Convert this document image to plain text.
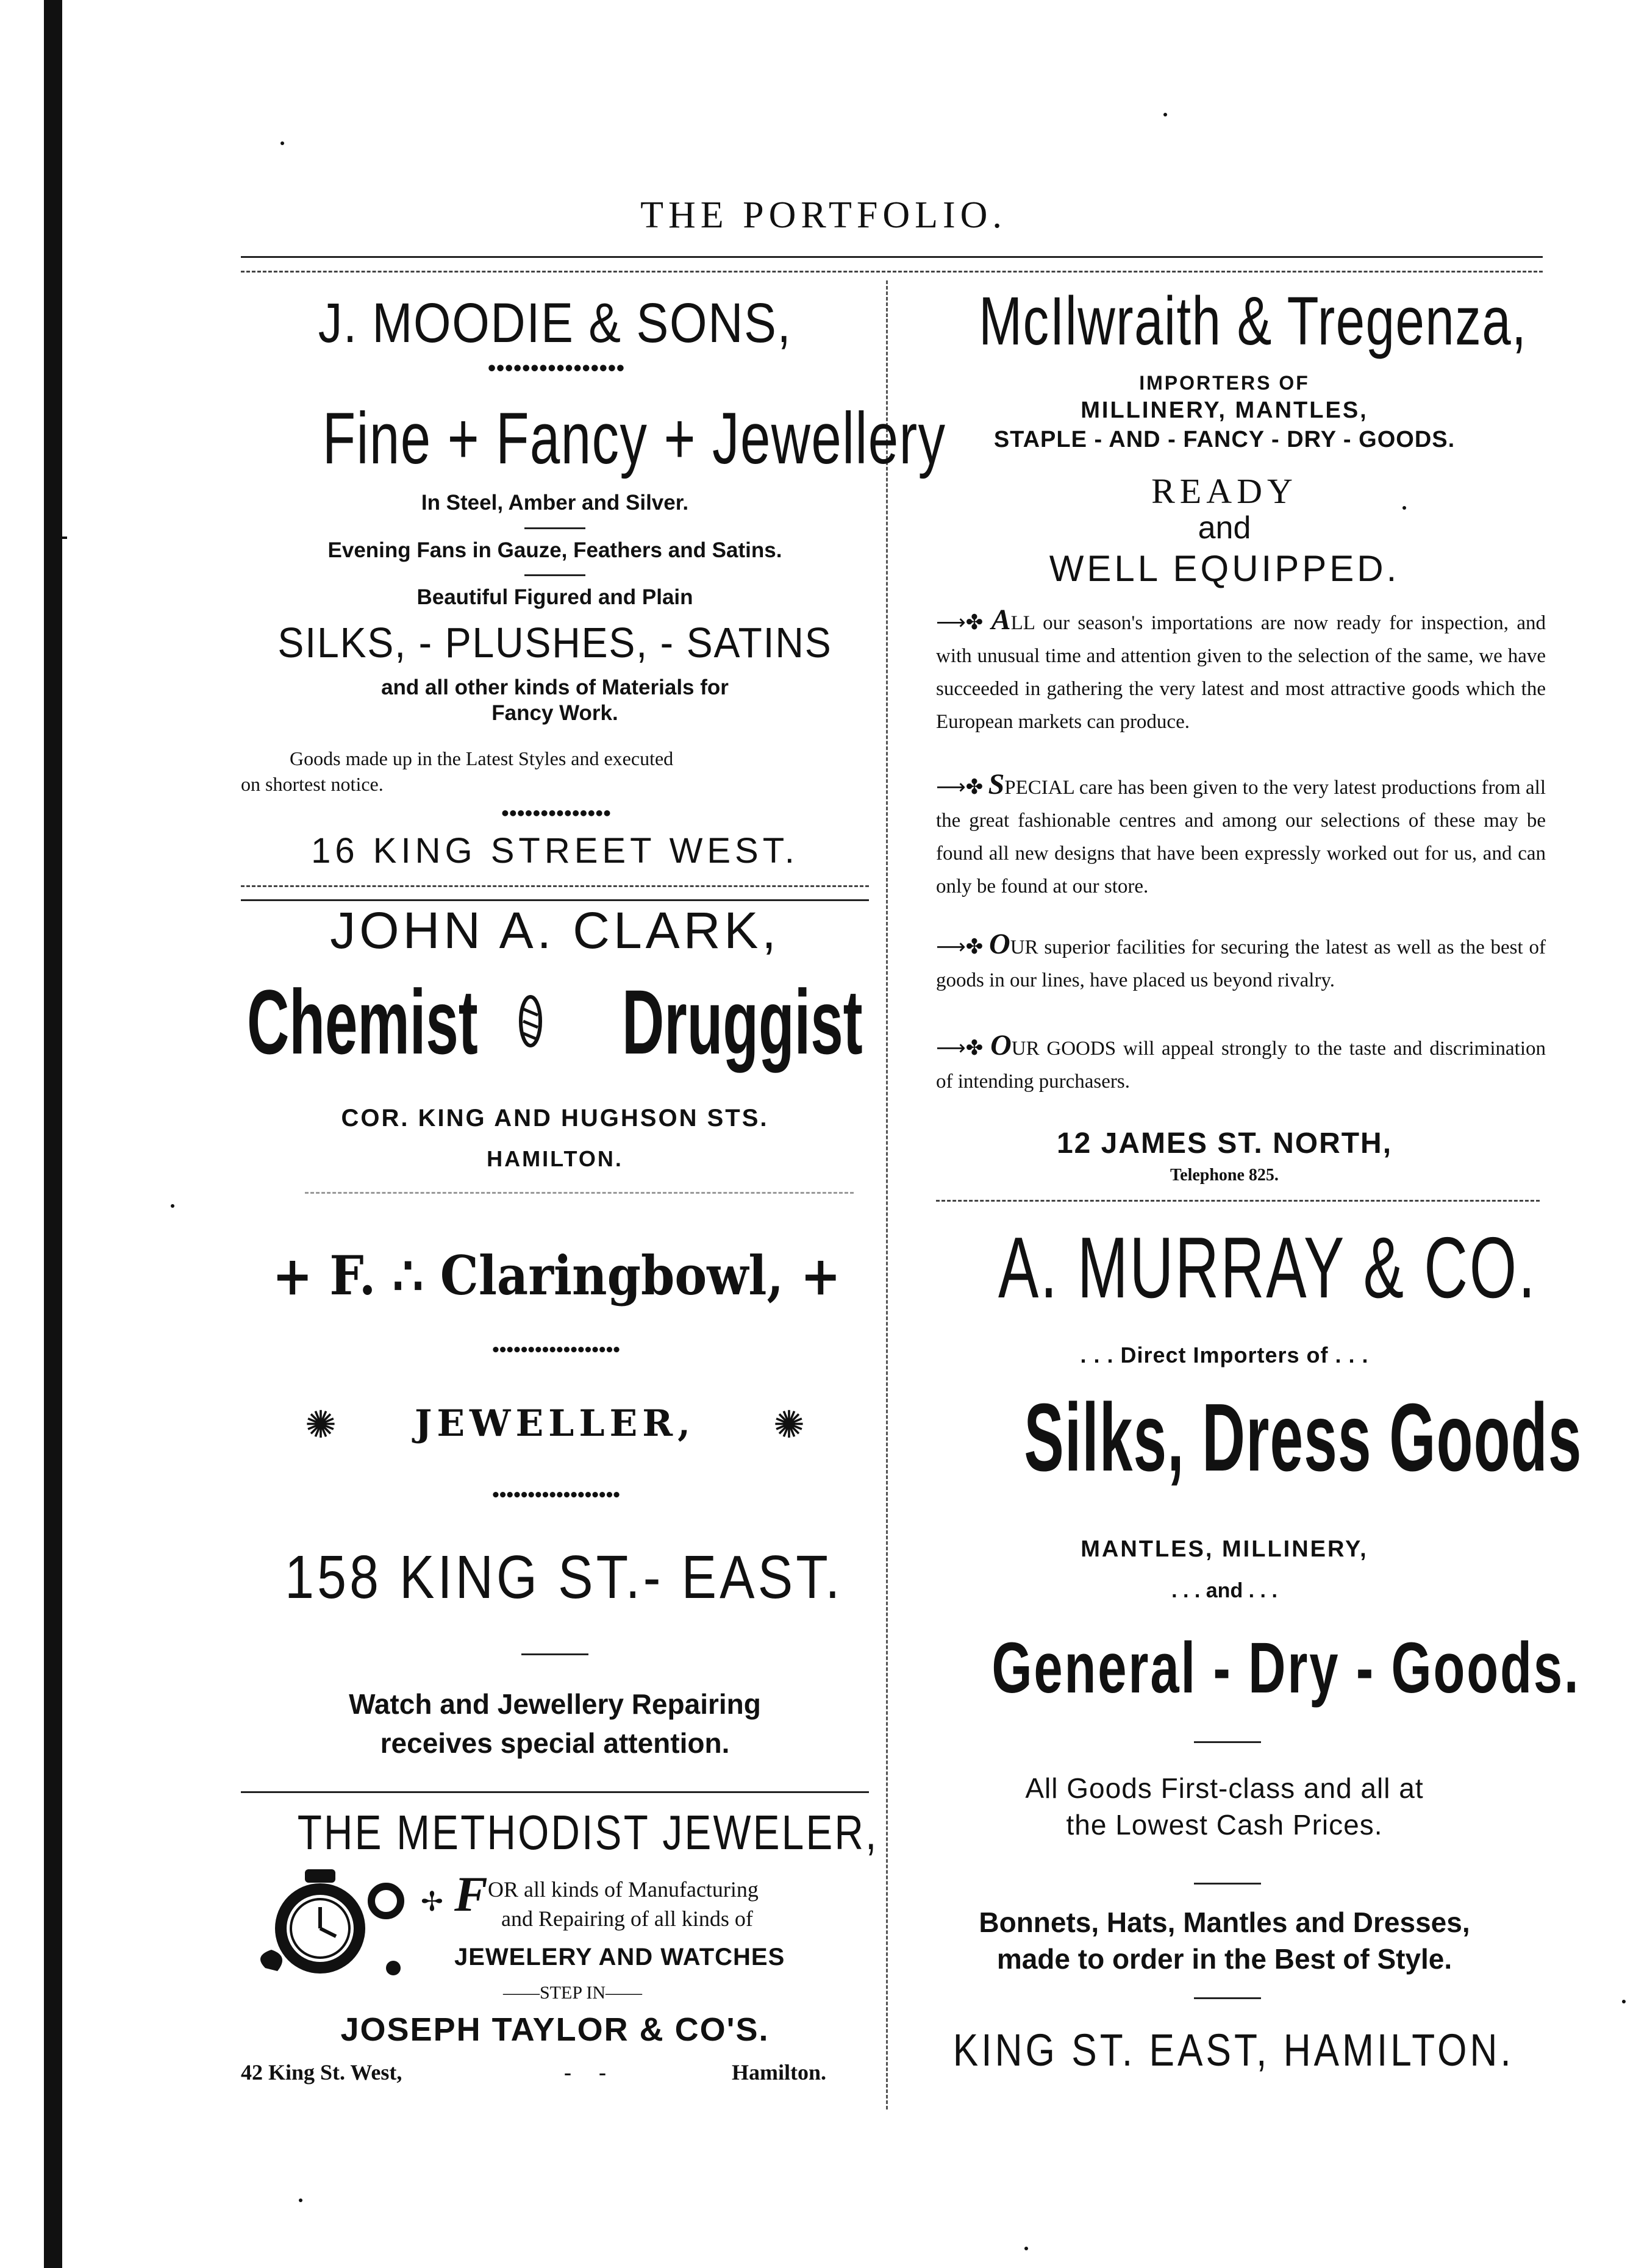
THE PORTFOLIO.
J. MOODIE & SONS,
••••••••••••••••
Fine + Fancy + Jewellery
In Steel, Amber and Silver.
Evening Fans in Gauze, Feathers and Satins.
Beautiful Figured and Plain
SILKS, - PLUSHES, - SATINS
and all other kinds of Materials for
Fancy Work.
Goods made up in the Latest Styles and executed
on shortest notice.
••••••••••••••
16 KING STREET WEST.
JOHN A. CLARK,
Chemist Druggist
COR. KING AND HUGHSON STS.
HAMILTON.
+ F. ∴ Claringbowl, +
••••••••••••••••••
✺ JEWELLER, ✺
••••••••••••••••••
158 KING ST.- EAST.
Watch and Jewellery Repairing
receives special attention.
THE METHODIST JEWELER,
✢ F OR all kinds of Manufacturing
and Repairing of all kinds of
JEWELERY AND WATCHES
——STEP IN——
JOSEPH TAYLOR & CO'S.
42 King St. West,	-     -	Hamilton.
McIlwraith & Tregenza,
IMPORTERS OF
MILLINERY, MANTLES,
STAPLE - AND - FANCY - DRY - GOODS.
READY
and
WELL EQUIPPED.
⟶✤ ALL our season's importations are now ready for inspection, and with unusual time and attention given to the selection of the same, we have succeeded in gathering the very latest and most attractive goods which the European markets can produce.
⟶✤ SPECIAL care has been given to the very latest productions from all the great fashionable centres and among our selections of these may be found all new designs that have been expressly worked out for us, and can only be found at our store.
⟶✤ OUR superior facilities for securing the latest as well as the best of goods in our lines, have placed us beyond rivalry.
⟶✤ OUR GOODS will appeal strongly to the taste and discrimination of intending purchasers.
12 JAMES ST. NORTH,
Telephone 825.
A. MURRAY & CO.
. . . Direct Importers of . . .
Silks, Dress Goods
MANTLES, MILLINERY,
. . . and . . .
General - Dry - Goods.
All Goods First-class and all at
the Lowest Cash Prices.
Bonnets, Hats, Mantles and Dresses,
made to order in the Best of Style.
KING ST. EAST, HAMILTON.
